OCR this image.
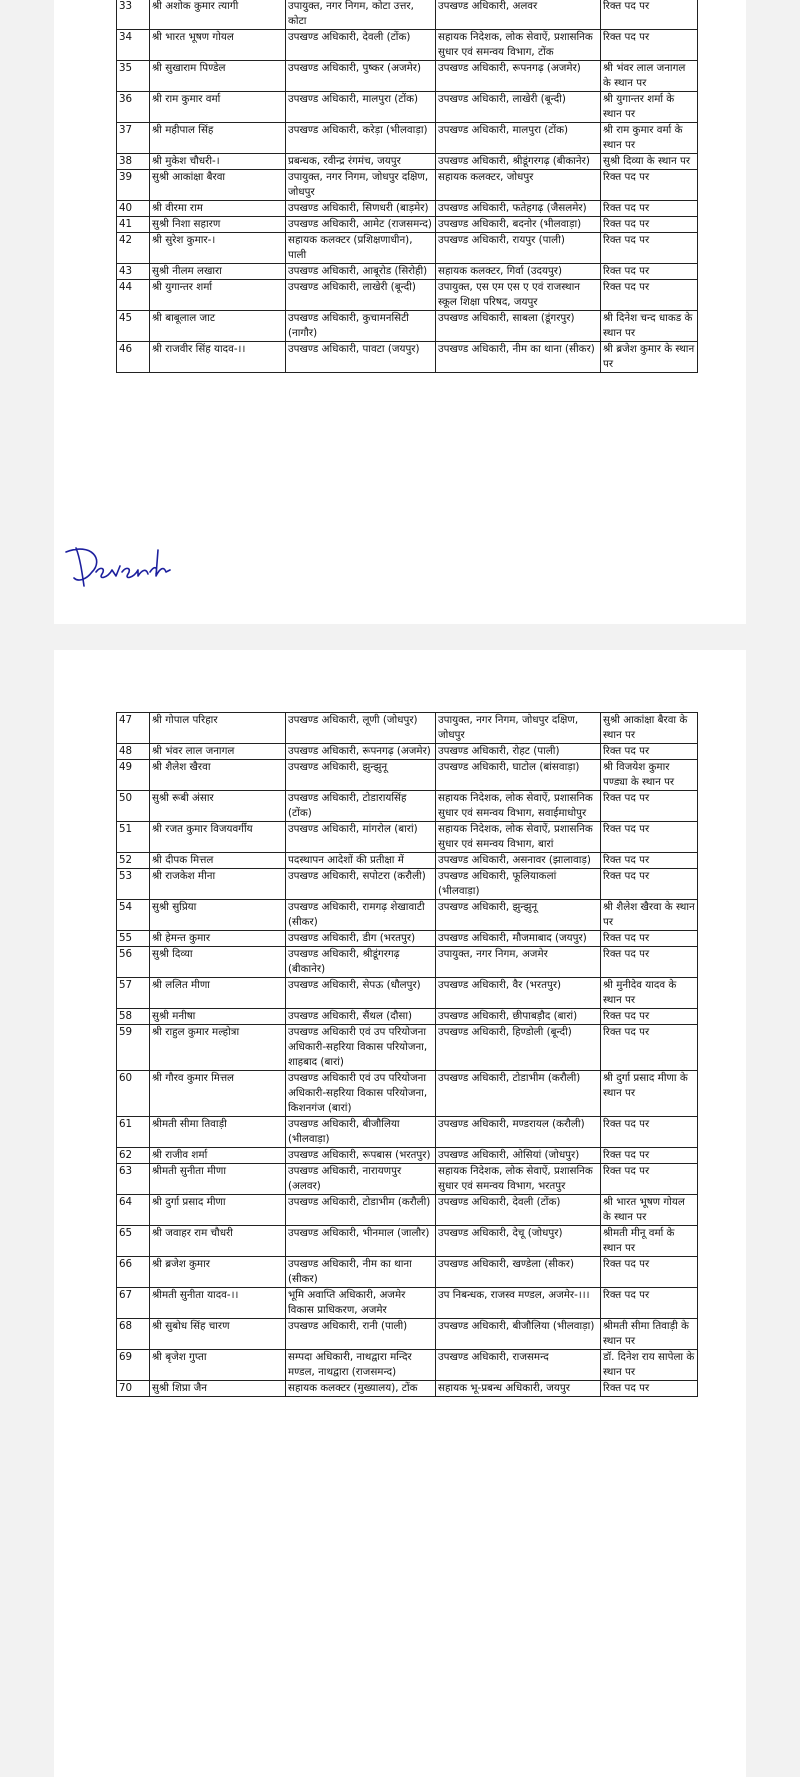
33	श्री अशोक कुमार त्यागी	उपायुक्त, नगर निगम, कोटा उत्तर, कोटा	उपखण्ड अधिकारी, अलवर	रिक्त पद पर
34	श्री भारत भूषण गोयल	उपखण्ड अधिकारी, देवली (टोंक)	सहायक निदेशक, लोक सेवाऐं, प्रशासनिक सुधार एवं समन्वय विभाग, टोंक	रिक्त पद पर
35	श्री सुखाराम पिण्डेल	उपखण्ड अधिकारी, पुष्कर (अजमेर)	उपखण्ड अधिकारी, रूपनगढ़ (अजमेर)	श्री भंवर लाल जनागल के स्थान पर
36	श्री राम कुमार वर्मा	उपखण्ड अधिकारी, मालपुरा (टोंक)	उपखण्ड अधिकारी, लाखेरी (बून्दी)	श्री युगान्तर शर्मा के स्थान पर
37	श्री महीपाल सिंह	उपखण्ड अधिकारी, करेड़ा (भीलवाड़ा)	उपखण्ड अधिकारी, मालपुरा (टोंक)	श्री राम कुमार वर्मा के स्थान पर
38	श्री मुकेश चौधरी-।	प्रबन्धक, रवीन्द्र रंगमंच, जयपुर	उपखण्ड अधिकारी, श्रीडूंगरगढ़ (बीकानेर)	सुश्री दिव्या के स्थान पर
39	सुश्री आकांक्षा बैरवा	उपायुक्त, नगर निगम, जोधपुर दक्षिण, जोधपुर	सहायक कलक्टर, जोधपुर	रिक्त पद पर
40	श्री वीरमा राम	उपखण्ड अधिकारी, सिणधरी (बाड़मेर)	उपखण्ड अधिकारी, फतेहगढ़ (जैसलमेर)	रिक्त पद पर
41	सुश्री निशा सहारण	उपखण्ड अधिकारी, आमेट (राजसमन्द)	उपखण्ड अधिकारी, बदनोर (भीलवाड़ा)	रिक्त पद पर
42	श्री सुरेश कुमार-।	सहायक कलक्टर (प्रशिक्षणाधीन), पाली	उपखण्ड अधिकारी, रायपुर (पाली)	रिक्त पद पर
43	सुश्री नीलम लखारा	उपखण्ड अधिकारी, आबूरोड (सिरोही)	सहायक कलक्टर, गिर्वा (उदयपुर)	रिक्त पद पर
44	श्री युगान्तर शर्मा	उपखण्ड अधिकारी, लाखेरी (बून्दी)	उपायुक्त, एस एम एस ए एवं राजस्थान स्कूल शिक्षा परिषद, जयपुर	रिक्त पद पर
45	श्री बाबूलाल जाट	उपखण्ड अधिकारी, कुचामनसिटी (नागौर)	उपखण्ड अधिकारी, साबला (डूंगरपुर)	श्री दिनेश चन्द धाकड के स्थान पर
46	श्री राजवीर सिंह यादव-।।	उपखण्ड अधिकारी, पावटा (जयपुर)	उपखण्ड अधिकारी, नीम का थाना (सीकर)	श्री ब्रजेश कुमार के स्थान पर
47	श्री गोपाल परिहार	उपखण्ड अधिकारी, लूणी (जोधपुर)	उपायुक्त, नगर निगम, जोधपुर दक्षिण, जोधपुर	सुश्री आकांक्षा बैरवा के स्थान पर
48	श्री भंवर लाल जनागल	उपखण्ड अधिकारी, रूपनगढ़ (अजमेर)	उपखण्ड अधिकारी, रोहट (पाली)	रिक्त पद पर
49	श्री शैलेश खैरवा	उपखण्ड अधिकारी, झुन्झुनू	उपखण्ड अधिकारी, घाटोल (बांसवाड़ा)	श्री विजयेश कुमार पण्ड्या के स्थान पर
50	सुश्री रूबी अंसार	उपखण्ड अधिकारी, टोडारायसिंह (टोंक)	सहायक निदेशक, लोक सेवाऐं, प्रशासनिक सुधार एवं समन्वय विभाग, सवाईमाधोपुर	रिक्त पद पर
51	श्री रजत कुमार विजयवर्गीय	उपखण्ड अधिकारी, मांगरोल (बारां)	सहायक निदेशक, लोक सेवाऐं, प्रशासनिक सुधार एवं समन्वय विभाग, बारां	रिक्त पद पर
52	श्री दीपक मित्तल	पदस्थापन आदेशों की प्रतीक्षा में	उपखण्ड अधिकारी, असनावर (झालावाड़)	रिक्त पद पर
53	श्री राजकेश मीना	उपखण्ड अधिकारी, सपोटरा (करौली)	उपखण्ड अधिकारी, फूलियाकलां (भीलवाड़ा)	रिक्त पद पर
54	सुश्री सुप्रिया	उपखण्ड अधिकारी, रामगढ़ शेखावाटी (सीकर)	उपखण्ड अधिकारी, झुन्झुनू	श्री शैलेश खैरवा के स्थान पर
55	श्री हेमन्त कुमार	उपखण्ड अधिकारी, डीग (भरतपुर)	उपखण्ड अधिकारी, मौजमाबाद (जयपुर)	रिक्त पद पर
56	सुश्री दिव्या	उपखण्ड अधिकारी, श्रीडूंगरगढ़ (बीकानेर)	उपायुक्त, नगर निगम, अजमेर	रिक्त पद पर
57	श्री ललित मीणा	उपखण्ड अधिकारी, सेपऊ (धौलपुर)	उपखण्ड अधिकारी, वैर (भरतपुर)	श्री मुनीदेव यादव के स्थान पर
58	सुश्री मनीषा	उपखण्ड अधिकारी, सैंथल (दौसा)	उपखण्ड अधिकारी, छीपाबड़ौद (बारां)	रिक्त पद पर
59	श्री राहुल कुमार मल्होत्रा	उपखण्ड अधिकारी एवं उप परियोजना अधिकारी-सहरिया विकास परियोजना, शाहबाद (बारां)	उपखण्ड अधिकारी, हिण्डोली (बून्दी)	रिक्त पद पर
60	श्री गौरव कुमार मित्तल	उपखण्ड अधिकारी एवं उप परियोजना अधिकारी-सहरिया विकास परियोजना, किशनगंज (बारां)	उपखण्ड अधिकारी, टोडाभीम (करौली)	श्री दुर्गा प्रसाद मीणा के स्थान पर
61	श्रीमती सीमा तिवाड़ी	उपखण्ड अधिकारी, बीजौलिया (भीलवाड़ा)	उपखण्ड अधिकारी, मण्डरायल (करौली)	रिक्त पद पर
62	श्री राजीव शर्मा	उपखण्ड अधिकारी, रूपबास (भरतपुर)	उपखण्ड अधिकारी, ओसियां (जोधपुर)	रिक्त पद पर
63	श्रीमती सुनीता मीणा	उपखण्ड अधिकारी, नारायणपुर (अलवर)	सहायक निदेशक, लोक सेवाऐं, प्रशासनिक सुधार एवं समन्वय विभाग, भरतपुर	रिक्त पद पर
64	श्री दुर्गा प्रसाद मीणा	उपखण्ड अधिकारी, टोडाभीम (करौली)	उपखण्ड अधिकारी, देवली (टोंक)	श्री भारत भूषण गोयल के स्थान पर
65	श्री जवाहर राम चौधरी	उपखण्ड अधिकारी, भीनमाल (जालौर)	उपखण्ड अधिकारी, देचू (जोधपुर)	श्रीमती मीनू वर्मा के स्थान पर
66	श्री ब्रजेश कुमार	उपखण्ड अधिकारी, नीम का थाना (सीकर)	उपखण्ड अधिकारी, खण्डेला (सीकर)	रिक्त पद पर
67	श्रीमती सुनीता यादव-।।	भूमि अवाप्ति अधिकारी, अजमेर विकास प्राधिकरण, अजमेर	उप निबन्धक, राजस्व मण्डल, अजमेर-।।।	रिक्त पद पर
68	श्री सुबोध सिंह चारण	उपखण्ड अधिकारी, रानी (पाली)	उपखण्ड अधिकारी, बीजौलिया (भीलवाड़ा)	श्रीमती सीमा तिवाड़ी के स्थान पर
69	श्री बृजेश गुप्ता	सम्पदा अधिकारी, नाथद्वारा मन्दिर मण्डल, नाथद्वारा (राजसमन्द)	उपखण्ड अधिकारी, राजसमन्द	डॉ. दिनेश राय सापेला के स्थान पर
70	सुश्री शिप्रा जैन	सहायक कलक्टर (मुख्यालय), टोंक	सहायक भू-प्रबन्ध अधिकारी, जयपुर	रिक्त पद पर
